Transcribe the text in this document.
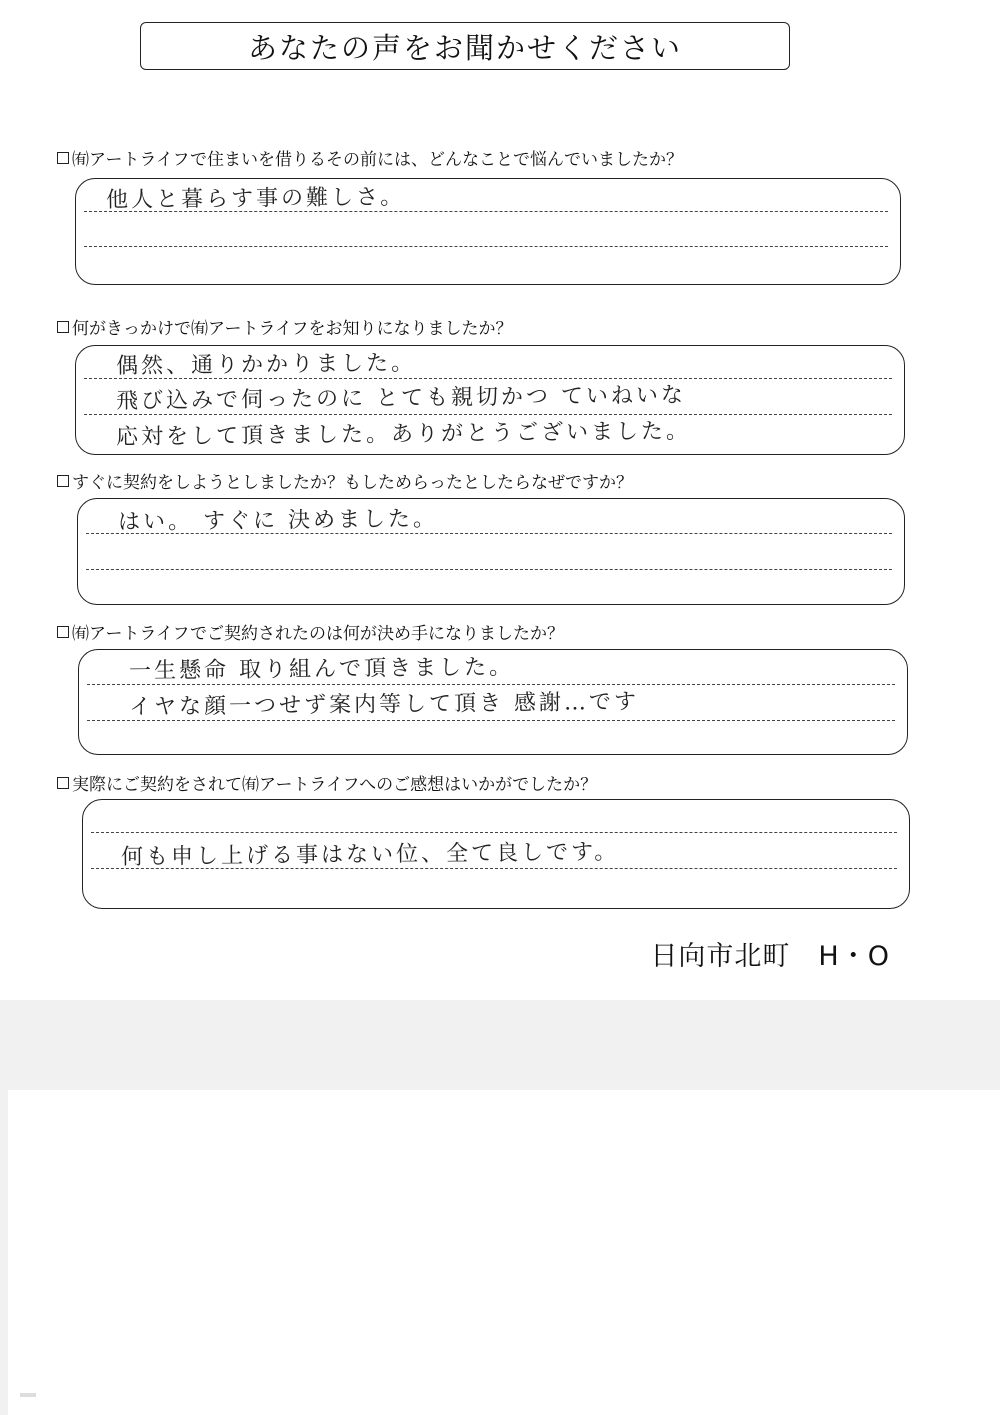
あなたの声をお聞かせください
㈲アートライフで住まいを借りるその前には、どんなことで悩んでいましたか？
他人と暮らす事の難しさ。
何がきっかけで㈲アートライフをお知りになりましたか？
偶然、通りかかりました。
飛び込みで伺ったのに とても親切かつ ていねいな
応対をして頂きました。ありがとうございました。
すぐに契約をしようとしましたか？もしためらったとしたらなぜですか？
はい。 すぐに 決めました。
㈲アートライフでご契約されたのは何が決め手になりましたか？
一生懸命 取り組んで頂きました。
イヤな顔一つせず案内等して頂き 感謝…です
実際にご契約をされて㈲アートライフへのご感想はいかがでしたか？
何も申し上げる事はない位、全て良しです。
日向市北町　H・O
